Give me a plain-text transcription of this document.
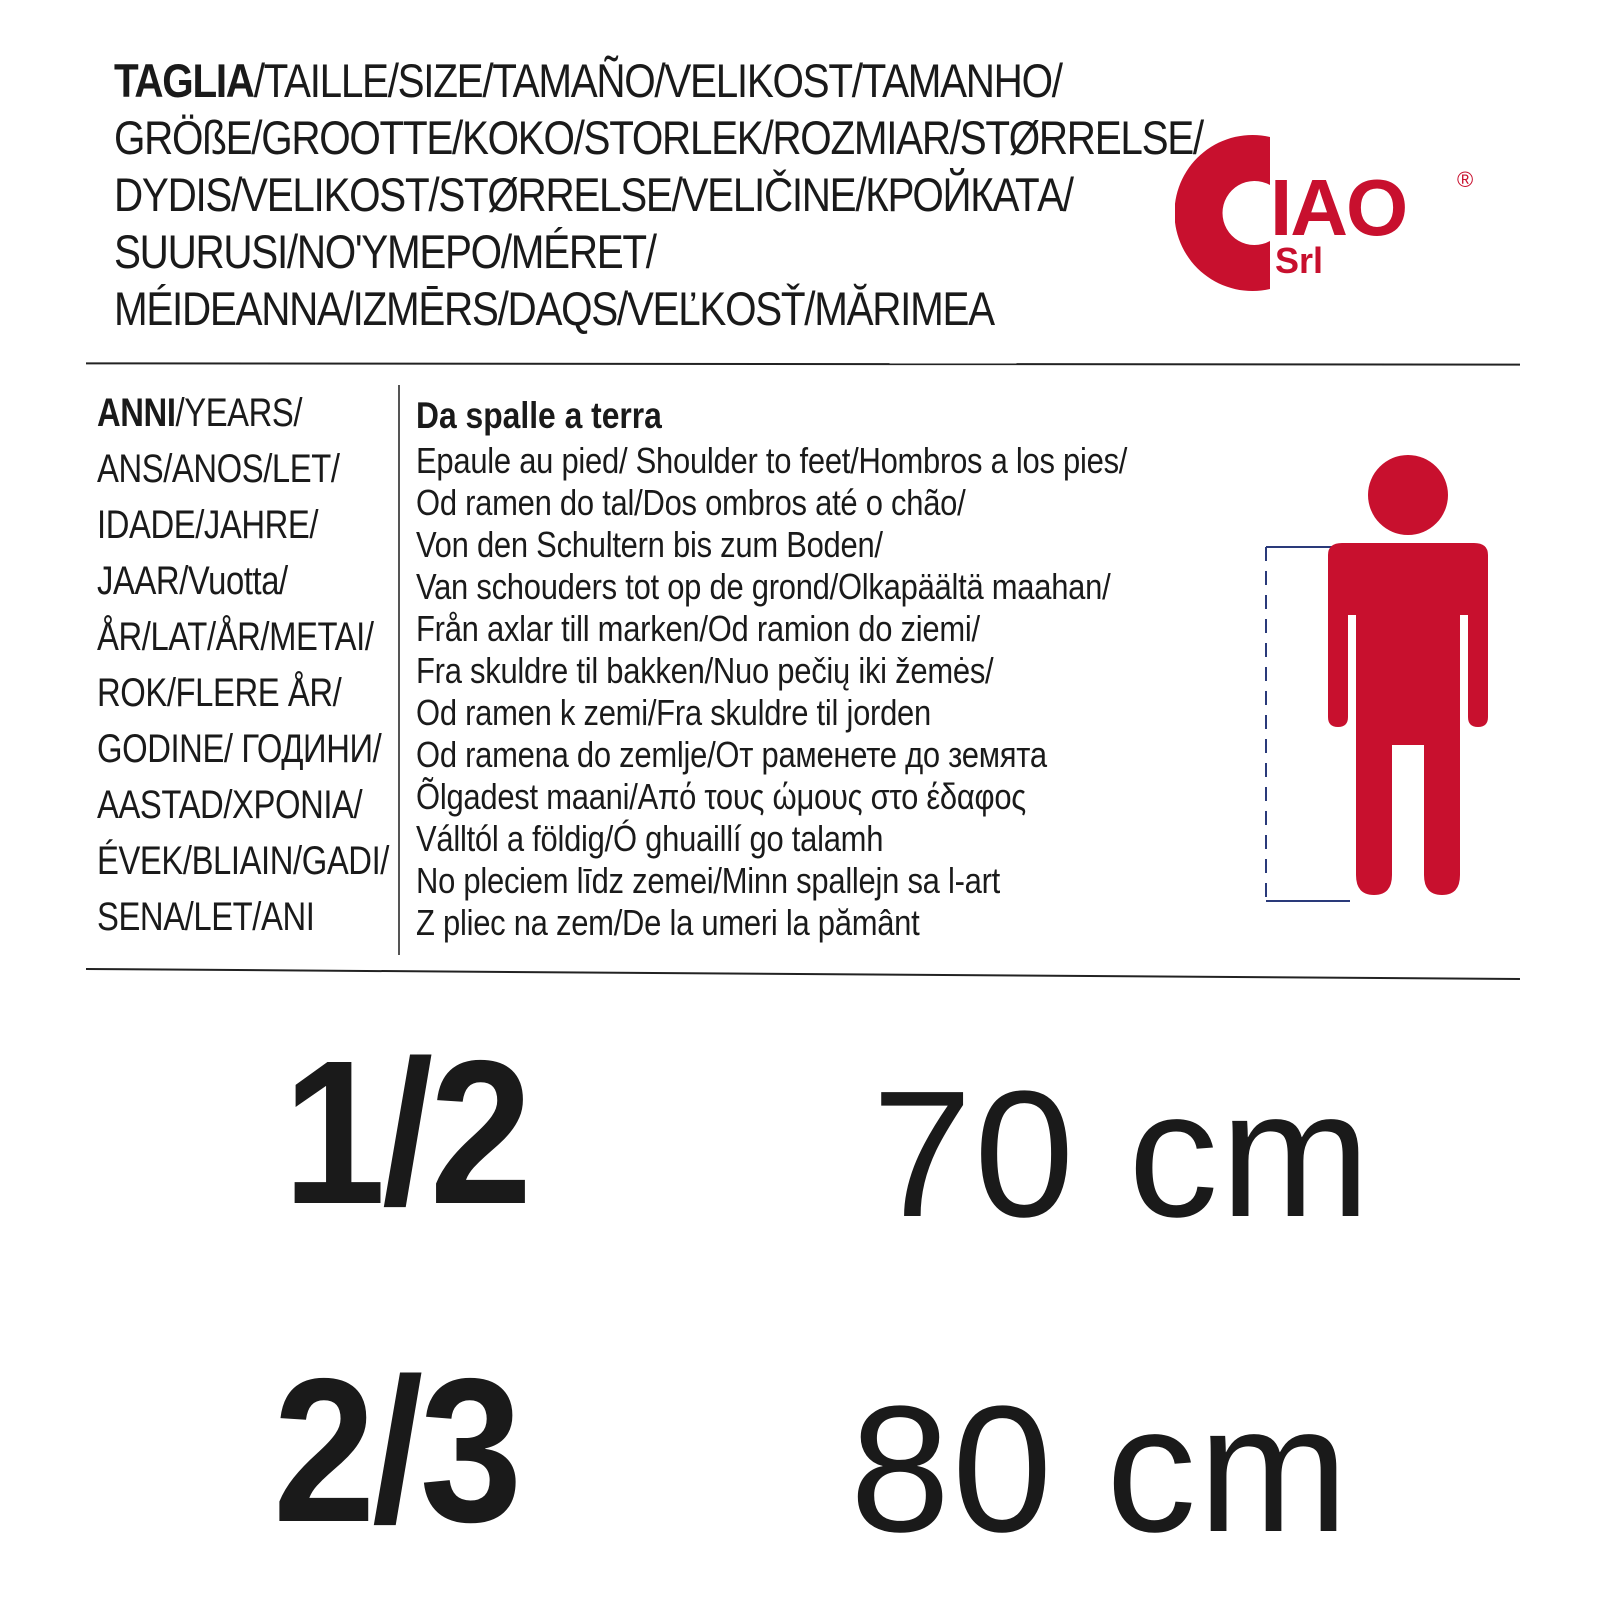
TAGLIA/TAILLE/SIZE/TAMAÑO/VELIKOST/TAMANHO/
GRÖßE/GROOTTE/KOKO/STORLEK/ROZMIAR/STØRRELSE/
DYDIS/VELIKOST/STØRRELSE/VELIČINE/КРОЙКАТА/
SUURUSI/NO'YMEPO/MÉRET/
MÉIDEANNA/IZMĒRS/DAQS/VEĽKOSŤ/MĂRIMEA
IAO
Srl
®
ANNI/YEARS/
ANS/ANOS/LET/
IDADE/JAHRE/
JAAR/Vuotta/
ÅR/LAT/ÅR/METAI/
ROK/FLERE ÅR/
GODINE/ ГОДИНИ/
AASTAD/XPONIA/
ÉVEK/BLIAIN/GADI/
SENA/LET/ANI
Da spalle a terra
Epaule au pied/ Shoulder to feet/Hombros a los pies/
Od ramen do tal/Dos ombros até o chão/
Von den Schultern bis zum Boden/
Van schouders tot op de grond/Olkapäältä maahan/
Från axlar till marken/Od ramion do ziemi/
Fra skuldre til bakken/Nuo pečių iki žemės/
Od ramen k zemi/Fra skuldre til jorden
Od ramena do zemlje/От раменете до земята
Õlgadest maani/Από τους ώμους στο έδαφος
Válltól a földig/Ó ghuaillí go talamh
No pleciem līdz zemei/Minn spallejn sa l-art
Z pliec na zem/De la umeri la pământ
1/2 70 cm
2/3 80 cm
